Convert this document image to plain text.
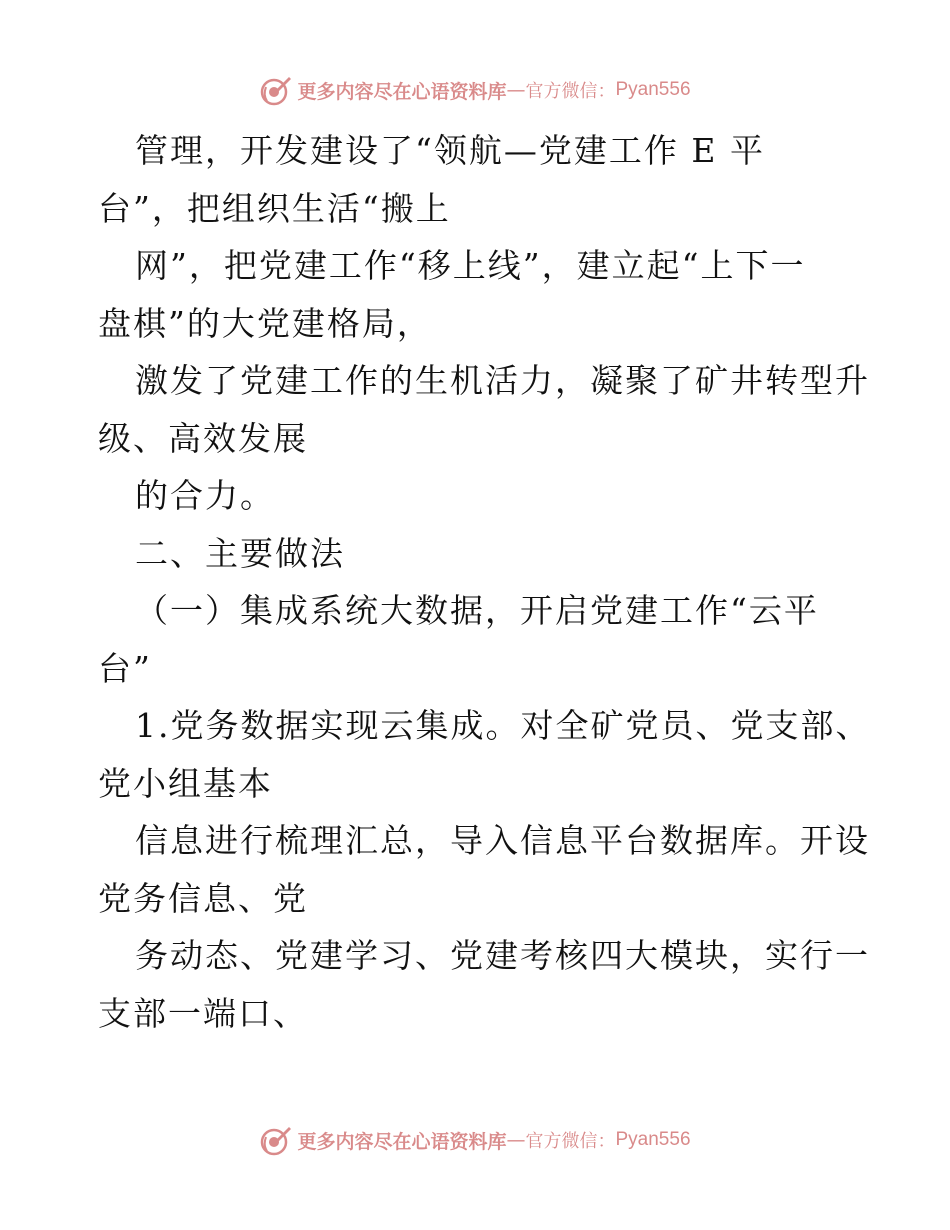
更多内容尽在心语资料库 — 官方微信： Pyan556
管理，开发建设了“领航—党建工作 E 平
台”，把组织生活“搬上
网”，把党建工作“移上线”，建立起“上下一
盘棋”的大党建格局，
激发了党建工作的生机活力，凝聚了矿井转型升
级、高效发展
的合力。
二、主要做法
（一）集成系统大数据，开启党建工作“云平
台”
1.党务数据实现云集成。对全矿党员、党支部、
党小组基本
信息进行梳理汇总，导入信息平台数据库。开设
党务信息、党
务动态、党建学习、党建考核四大模块，实行一
支部一端口、
更多内容尽在心语资料库 — 官方微信： Pyan556
